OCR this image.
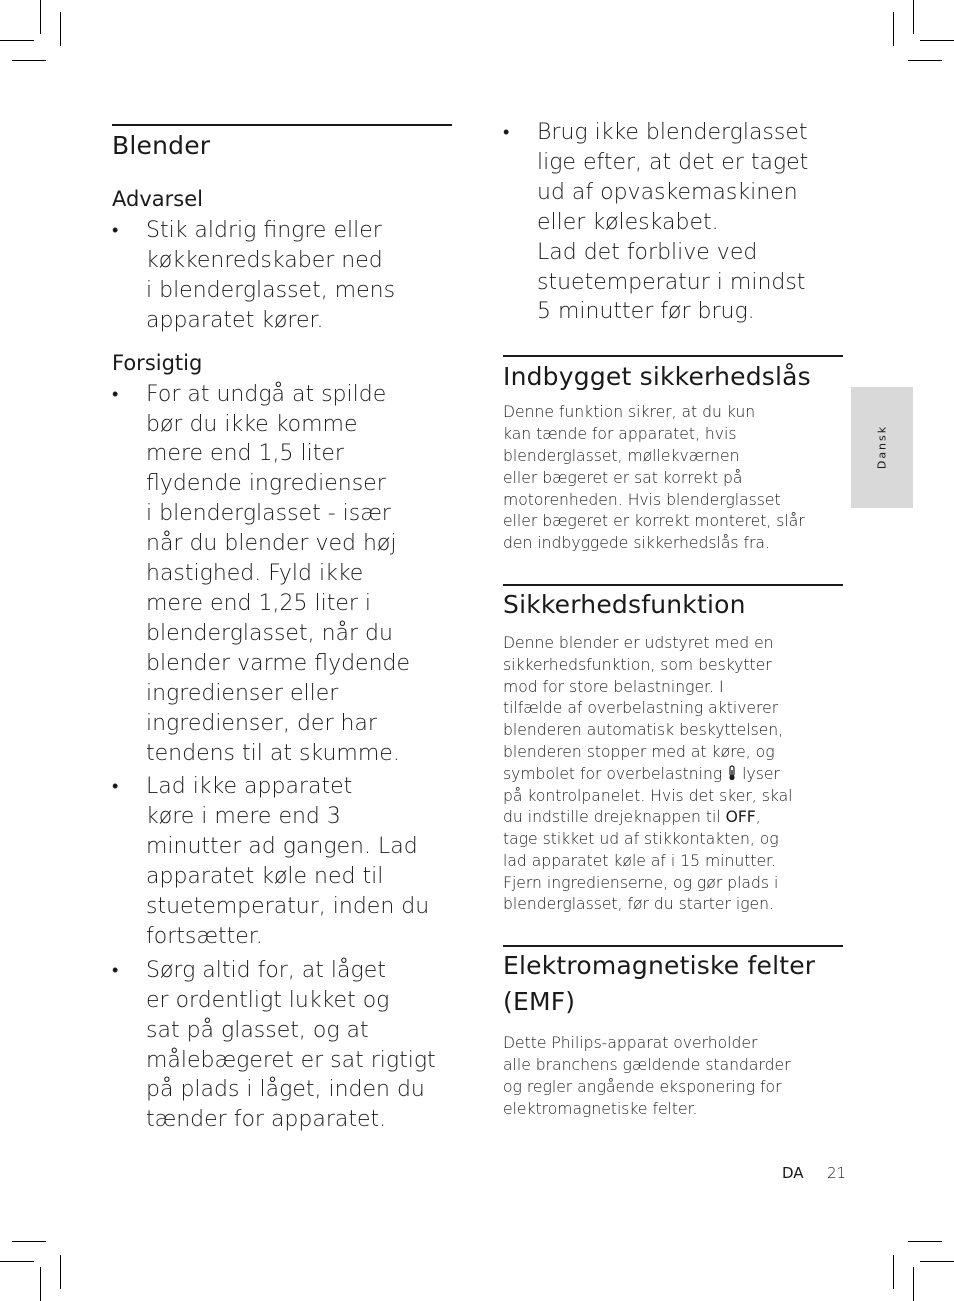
Blender
Advarsel
• Stik aldrig fingre eller
køkkenredskaber ned
i blenderglasset, mens
apparatet kører.
Forsigtig
• For at undgå at spilde
bør du ikke komme
mere end 1,5 liter
flydende ingredienser
i blenderglasset - især
når du blender ved høj
hastighed. Fyld ikke
mere end 1,25 liter i
blenderglasset, når du
blender varme flydende
ingredienser eller
ingredienser, der har
tendens til at skumme.
• Lad ikke apparatet
køre i mere end 3
minutter ad gangen. Lad
apparatet køle ned til
stuetemperatur, inden du
fortsætter.
• Sørg altid for, at låget
er ordentligt lukket og
sat på glasset, og at
målebægeret er sat rigtigt
på plads i låget, inden du
tænder for apparatet.
• Brug ikke blenderglasset
lige efter, at det er taget
ud af opvaskemaskinen
eller køleskabet.
Lad det forblive ved
stuetemperatur i mindst
5 minutter før brug.
Indbygget sikkerhedslås

Denne funktion sikrer, at du kun
kan tænde for apparatet, hvis
blenderglasset, møllekværnen
eller bægeret er sat korrekt på
motorenheden. Hvis blenderglasset
eller bægeret er korrekt monteret, slår
den indbyggede sikkerhedslås fra.

Sikkerhedsfunktion

Denne blender er udstyret med en
sikkerhedsfunktion, som beskytter
mod for store belastninger. I
tilfælde af overbelastning aktiverer
blenderen automatisk beskyttelsen,
blenderen stopper med at køre, og
symbolet for overbelastning  lyser
på kontrolpanelet. Hvis det sker, skal
du indstille drejeknappen til OFF,
tage stikket ud af stikkontakten, og
lad apparatet køle af i 15 minutter.
Fjern ingredienserne, og gør plads i
blenderglasset, før du starter igen.

Elektromagnetiske felter
(EMF)

Dette Philips-apparat overholder
alle branchens gældende standarder
og regler angående eksponering for
elektromagnetiske felter.

Dansk
DA 21
